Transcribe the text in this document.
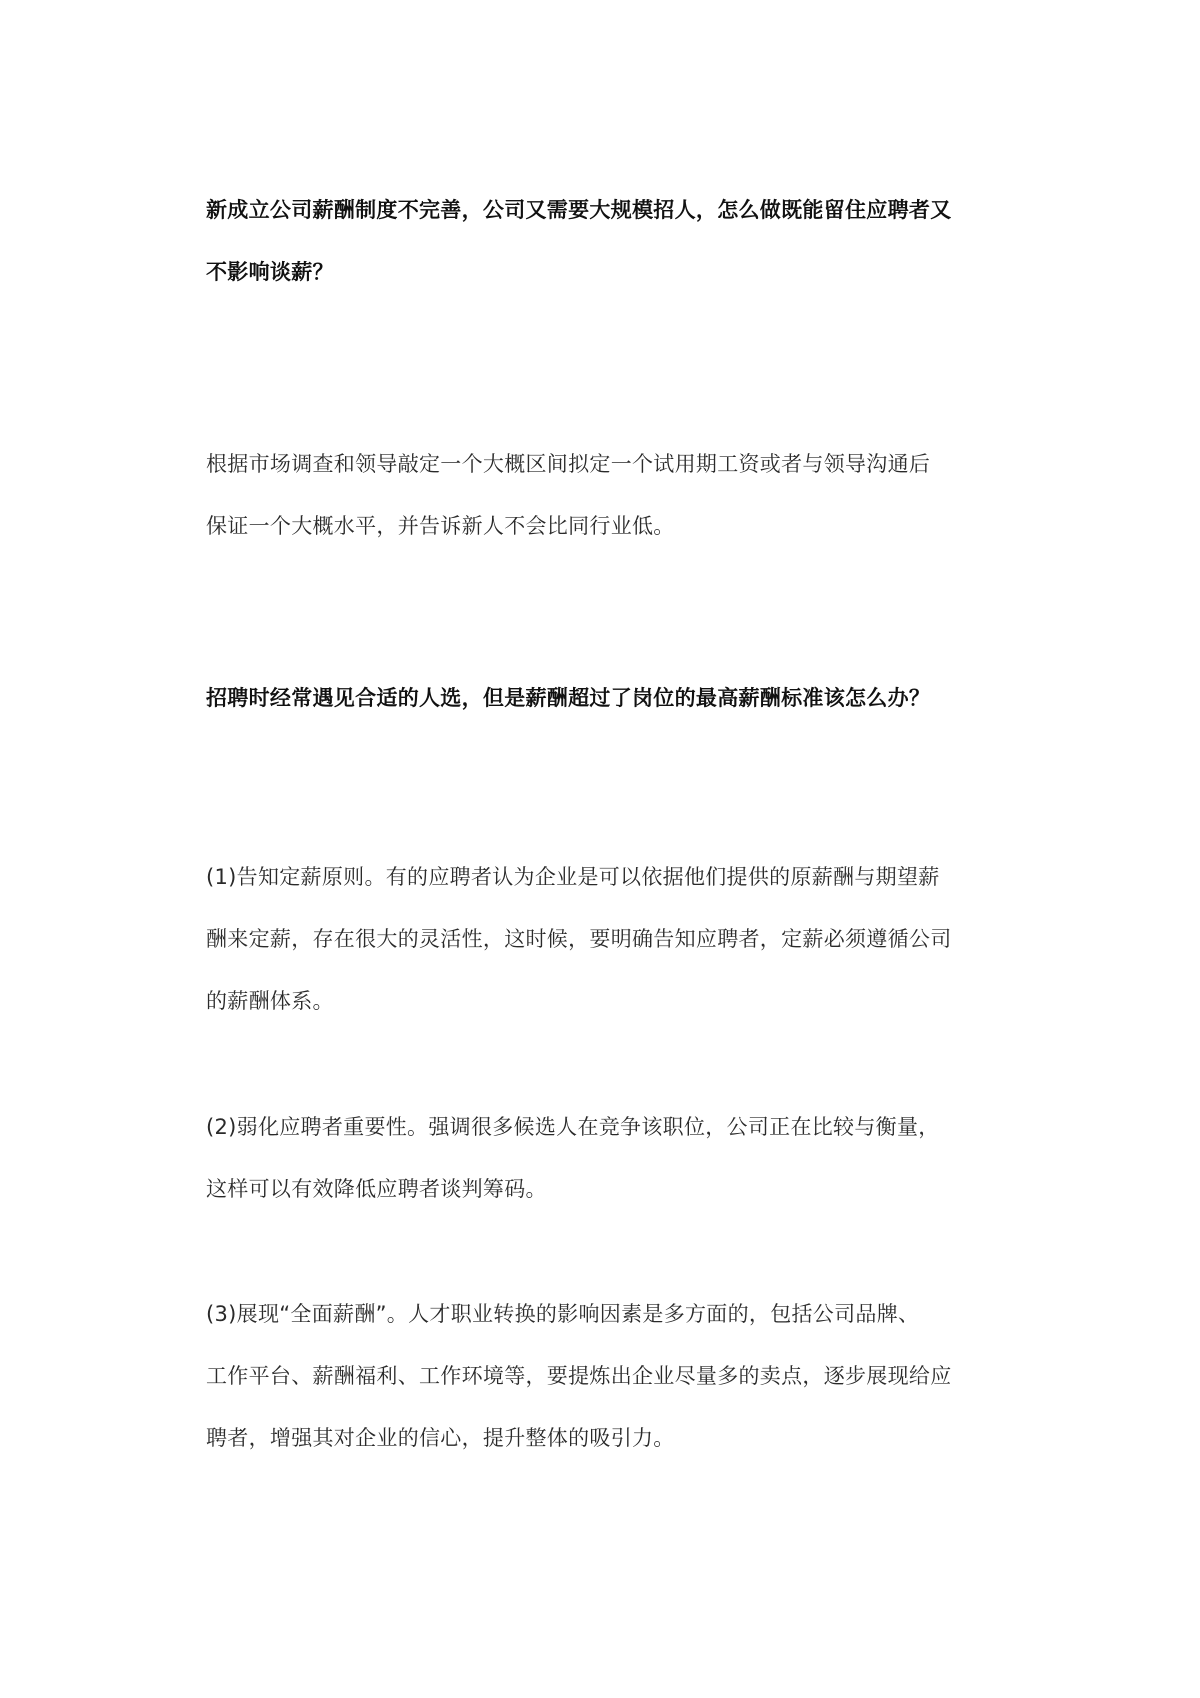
新成立公司薪酬制度不完善，公司又需要大规模招人，怎么做既能留住应聘者又
不影响谈薪？
根据市场调查和领导敲定一个大概区间拟定一个试用期工资或者与领导沟通后
保证一个大概水平，并告诉新人不会比同行业低。
招聘时经常遇见合适的人选，但是薪酬超过了岗位的最高薪酬标准该怎么办？
(1)告知定薪原则。有的应聘者认为企业是可以依据他们提供的原薪酬与期望薪
酬来定薪，存在很大的灵活性，这时候，要明确告知应聘者，定薪必须遵循公司
的薪酬体系。
(2)弱化应聘者重要性。强调很多候选人在竞争该职位，公司正在比较与衡量，
这样可以有效降低应聘者谈判筹码。
(3)展现“全面薪酬”。人才职业转换的影响因素是多方面的，包括公司品牌、
工作平台、薪酬福利、工作环境等，要提炼出企业尽量多的卖点，逐步展现给应
聘者，增强其对企业的信心，提升整体的吸引力。
